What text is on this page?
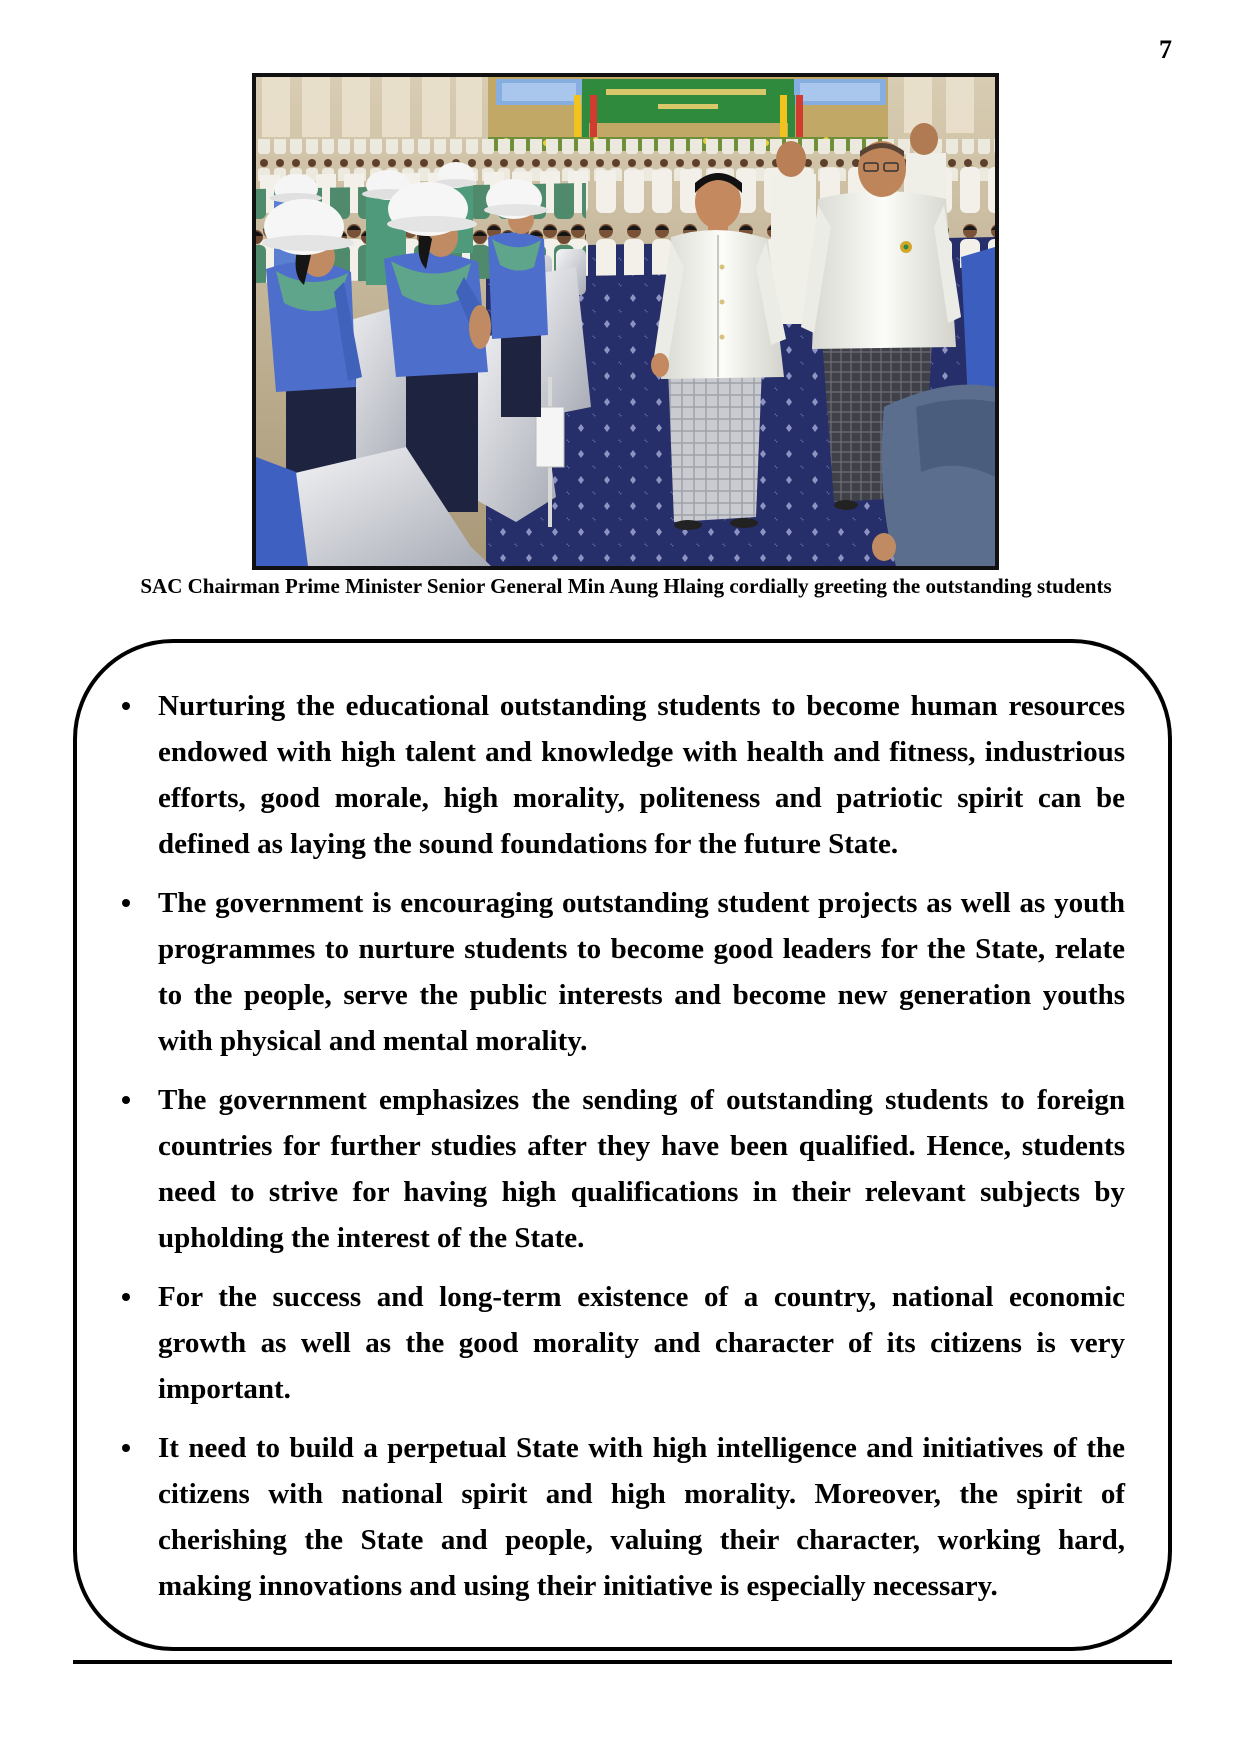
7
SAC Chairman Prime Minister Senior General Min Aung Hlaing cordially greeting the outstanding students
Nurturing the educational outstanding students to become human resources endowed with high talent and knowledge with health and fitness, industrious efforts, good morale, high morality, politeness and patriotic spirit can be defined as laying the sound foundations for the future State.
The government is encouraging outstanding student projects as well as youth programmes to nurture students to become good leaders for the State, relate to the people, serve the public interests and become new generation youths with physical and mental morality.
The government emphasizes the sending of outstanding students to foreign countries for further studies after they have been qualified. Hence, students need to strive for having high qualifications in their relevant subjects by upholding the interest of the State.
For the success and long-term existence of a country, national economic growth as well as the good morality and character of its citizens is very important.
It need to build a perpetual State with high intelligence and initiatives of the citizens with national spirit and high morality. Moreover, the spirit of cherishing the State and people, valuing their character, working hard, making innovations and using their initiative is especially necessary.
